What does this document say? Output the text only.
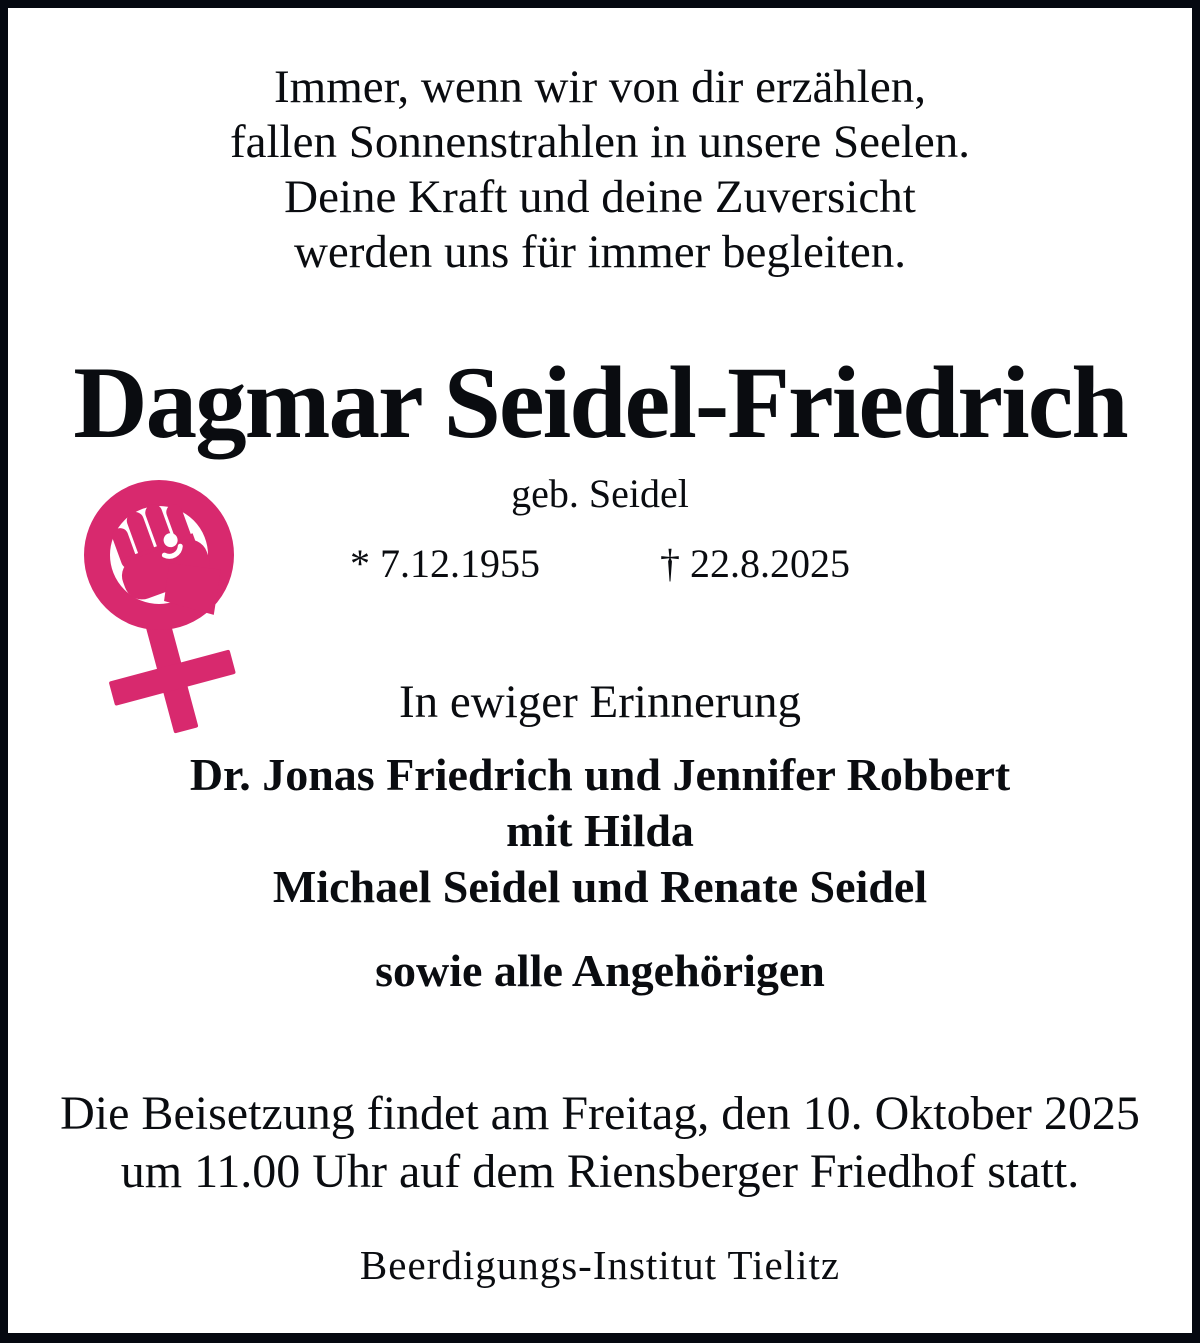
Immer, wenn wir von dir erzählen,
fallen Sonnenstrahlen in unsere Seelen.
Deine Kraft und deine Zuversicht
werden uns für immer begleiten.
Dagmar Seidel-Friedrich
geb. Seidel
* 7.12.1955	† 22.8.2025
In ewiger Erinnerung
Dr. Jonas Friedrich und Jennifer Robbert
mit Hilda
Michael Seidel und Renate Seidel
sowie alle Angehörigen
Die Beisetzung findet am Freitag, den 10. Oktober 2025
um 11.00 Uhr auf dem Riensberger Friedhof statt.
Beerdigungs-Institut Tielitz
